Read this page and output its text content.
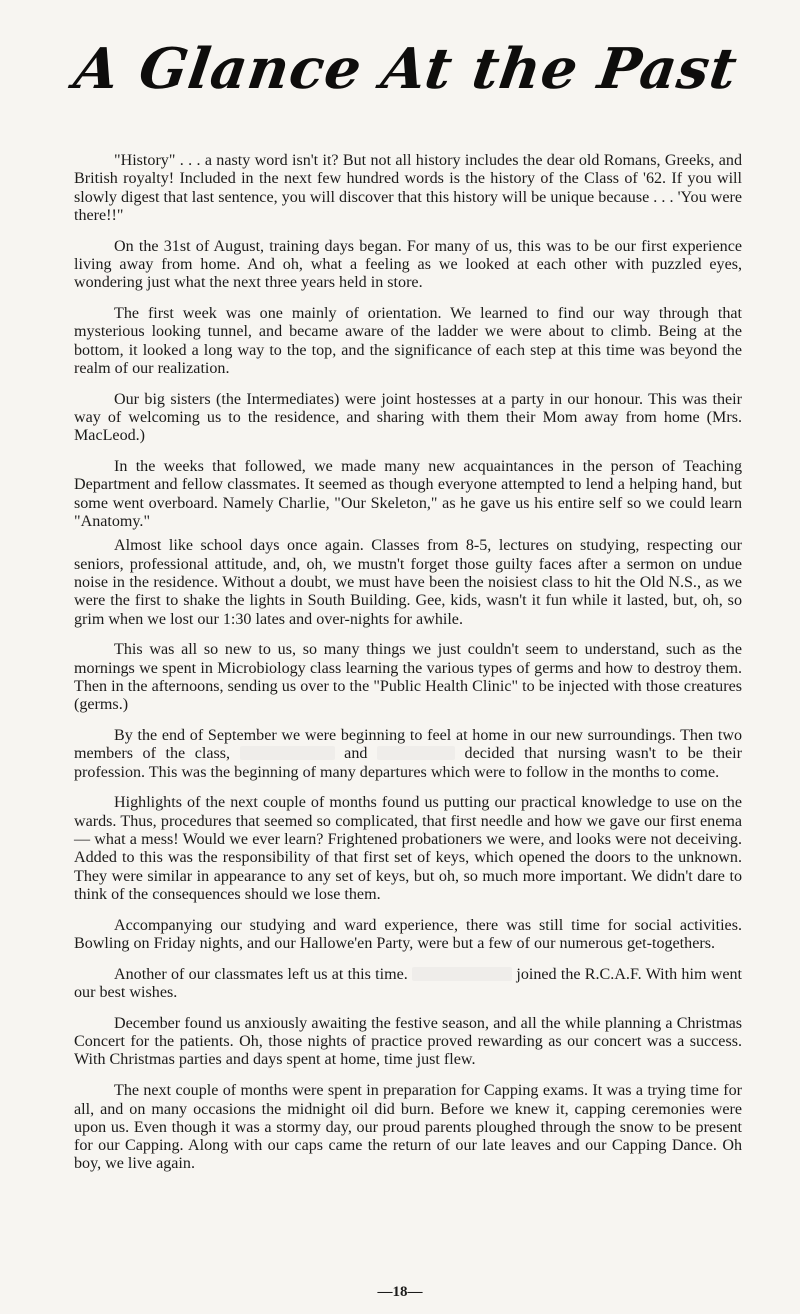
A Glance At the Past

"History" . . . a nasty word isn't it? But not all history includes the dear old Romans, Greeks, and British royalty! Included in the next few hundred words is the history of the Class of '62. If you will slowly digest that last sentence, you will discover that this history will be unique because . . . 'You were there!!"

On the 31st of August, training days began. For many of us, this was to be our first experience living away from home. And oh, what a feeling as we looked at each other with puzzled eyes, wondering just what the next three years held in store.

The first week was one mainly of orientation. We learned to find our way through that mysterious looking tunnel, and became aware of the ladder we were about to climb. Being at the bottom, it looked a long way to the top, and the significance of each step at this time was beyond the realm of our realization.

Our big sisters (the Intermediates) were joint hostesses at a party in our honour. This was their way of welcoming us to the residence, and sharing with them their Mom away from home (Mrs. MacLeod.)

In the weeks that followed, we made many new acquaintances in the person of Teaching Department and fellow classmates. It seemed as though everyone attempted to lend a helping hand, but some went overboard. Namely Charlie, "Our Skeleton," as he gave us his entire self so we could learn "Anatomy."

Almost like school days once again. Classes from 8-5, lectures on studying, respecting our seniors, professional attitude, and, oh, we mustn't forget those guilty faces after a sermon on undue noise in the residence. Without a doubt, we must have been the noisiest class to hit the Old N.S., as we were the first to shake the lights in South Building. Gee, kids, wasn't it fun while it lasted, but, oh, so grim when we lost our 1:30 lates and over-nights for awhile.

This was all so new to us, so many things we just couldn't seem to understand, such as the mornings we spent in Microbiology class learning the various types of germs and how to destroy them. Then in the afternoons, sending us over to the "Public Health Clinic" to be injected with those creatures (germs.)

By the end of September we were beginning to feel at home in our new surroundings. Then two members of the class,	and	decided that nursing wasn't to be their profession. This was the beginning of many departures which were to follow in the months to come.

Highlights of the next couple of months found us putting our practical knowledge to use on the wards. Thus, procedures that seemed so complicated, that first needle and how we gave our first enema — what a mess! Would we ever learn? Frightened probationers we were, and looks were not deceiving. Added to this was the responsibility of that first set of keys, which opened the doors to the unknown. They were similar in appearance to any set of keys, but oh, so much more important. We didn't dare to think of the consequences should we lose them.

Accompanying our studying and ward experience, there was still time for social activities. Bowling on Friday nights, and our Hallowe'en Party, were but a few of our numerous get-togethers.

Another of our classmates left us at this time.	joined the R.C.A.F. With him went our best wishes.

December found us anxiously awaiting the festive season, and all the while planning a Christmas Concert for the patients. Oh, those nights of practice proved rewarding as our concert was a success. With Christmas parties and days spent at home, time just flew.

The next couple of months were spent in preparation for Capping exams. It was a trying time for all, and on many occasions the midnight oil did burn. Before we knew it, capping ceremonies were upon us. Even though it was a stormy day, our proud parents ploughed through the snow to be present for our Capping. Along with our caps came the return of our late leaves and our Capping Dance. Oh boy, we live again.

—18—
